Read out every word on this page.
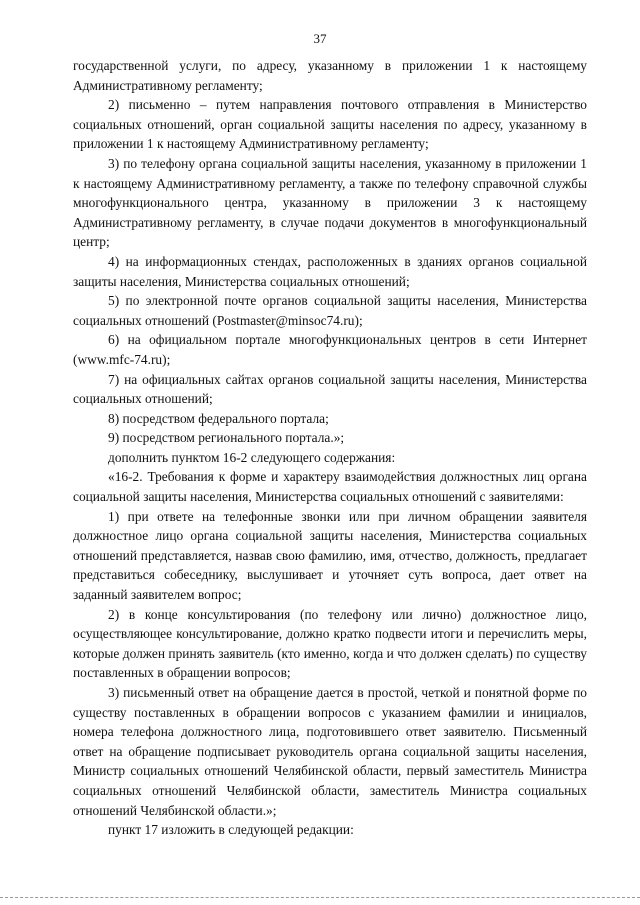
37

государственной услуги, по адресу, указанному в приложении 1 к настоящему Административному регламенту;

2) письменно – путем направления почтового отправления в Министерство социальных отношений, орган социальной защиты населения по адресу, указанному в приложении 1 к настоящему Административному регламенту;

3) по телефону органа социальной защиты населения, указанному в приложении 1 к настоящему Административному регламенту, а также по телефону справочной службы многофункционального центра, указанному в приложении 3 к настоящему Административному регламенту, в случае подачи документов в многофункциональный центр;

4) на информационных стендах, расположенных в зданиях органов социальной защиты населения, Министерства социальных отношений;

5) по электронной почте органов социальной защиты населения, Министерства социальных отношений (Postmaster@minsoc74.ru);

6) на официальном портале многофункциональных центров в сети Интернет (www.mfc-74.ru);

7) на официальных сайтах органов социальной защиты населения, Министерства социальных отношений;

8) посредством федерального портала;

9) посредством регионального портала.»;

дополнить пунктом 16-2 следующего содержания:

«16-2. Требования к форме и характеру взаимодействия должностных лиц органа социальной защиты населения, Министерства социальных отношений с заявителями:

1) при ответе на телефонные звонки или при личном обращении заявителя должностное лицо органа социальной защиты населения, Министерства социальных отношений представляется, назвав свою фамилию, имя, отчество, должность, предлагает представиться собеседнику, выслушивает и уточняет суть вопроса, дает ответ на заданный заявителем вопрос;

2) в конце консультирования (по телефону или лично) должностное лицо, осуществляющее консультирование, должно кратко подвести итоги и перечислить меры, которые должен принять заявитель (кто именно, когда и что должен сделать) по существу поставленных в обращении вопросов;

3) письменный ответ на обращение дается в простой, четкой и понятной форме по существу поставленных в обращении вопросов с указанием фамилии и инициалов, номера телефона должностного лица, подготовившего ответ заявителю. Письменный ответ на обращение подписывает руководитель органа социальной защиты населения, Министр социальных отношений Челябинской области, первый заместитель Министра социальных отношений Челябинской области, заместитель Министра социальных отношений Челябинской области.»;

пункт 17 изложить в следующей редакции:
